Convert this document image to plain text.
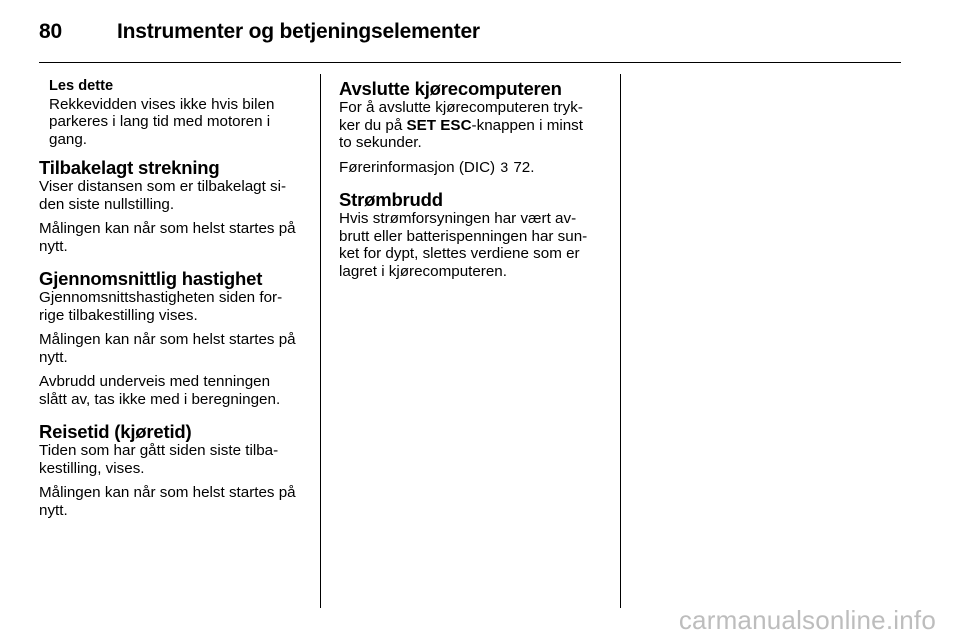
80	Instrumenter og betjeningselementer
Les dette
Rekkevidden vises ikke hvis bilen
parkeres i lang tid med motoren i
gang.
Tilbakelagt strekning

Viser distansen som er tilbakelagt si-
den siste nullstilling.

Målingen kan når som helst startes på
nytt.

Gjennomsnittlig hastighet

Gjennomsnittshastigheten siden for-
rige tilbakestilling vises.

Målingen kan når som helst startes på
nytt.

Avbrudd underveis med tenningen
slått av, tas ikke med i beregningen.

Reisetid (kjøretid)

Tiden som har gått siden siste tilba-
kestilling, vises.

Målingen kan når som helst startes på
nytt.

Avslutte kjørecomputeren

For å avslutte kjørecomputeren tryk-
ker du på SET ESC-knappen i minst
to sekunder.

Førerinformasjon (DIC) 3 72.

Strømbrudd

Hvis strømforsyningen har vært av-
brutt eller batterispenningen har sun-
ket for dypt, slettes verdiene som er
lagret i kjørecomputeren.

carmanualsonline.info
